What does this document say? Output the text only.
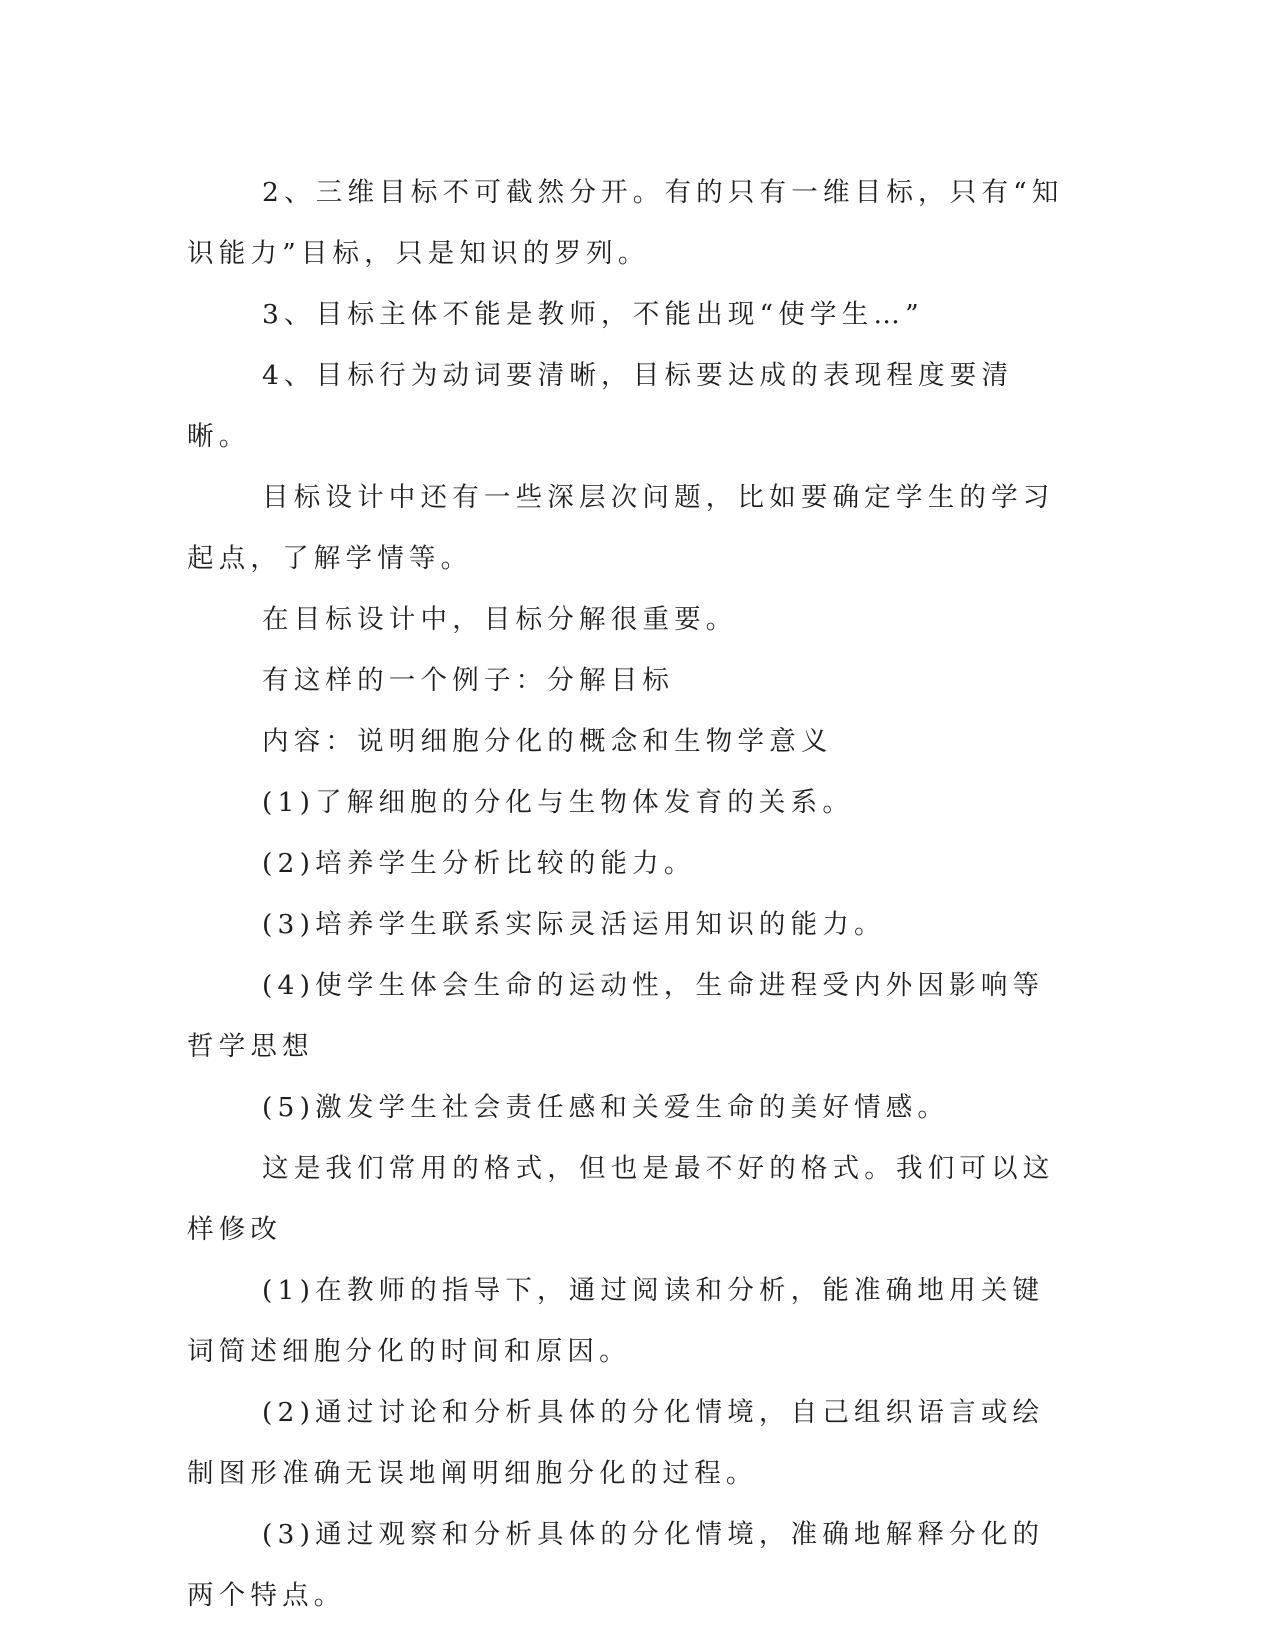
2、三维目标不可截然分开。有的只有一维目标，只有“知识能力”目标，只是知识的罗列。

3、目标主体不能是教师，不能出现“使学生…”

4、目标行为动词要清晰，目标要达成的表现程度要清晰。

目标设计中还有一些深层次问题，比如要确定学生的学习起点，了解学情等。

在目标设计中，目标分解很重要。

有这样的一个例子：分解目标

内容：说明细胞分化的概念和生物学意义

(1)了解细胞的分化与生物体发育的关系。

(2)培养学生分析比较的能力。

(3)培养学生联系实际灵活运用知识的能力。

(4)使学生体会生命的运动性，生命进程受内外因影响等哲学思想

(5)激发学生社会责任感和关爱生命的美好情感。

这是我们常用的格式，但也是最不好的格式。我们可以这样修改

(1)在教师的指导下，通过阅读和分析，能准确地用关键词简述细胞分化的时间和原因。

(2)通过讨论和分析具体的分化情境，自己组织语言或绘制图形准确无误地阐明细胞分化的过程。

(3)通过观察和分析具体的分化情境，准确地解释分化的两个特点。
